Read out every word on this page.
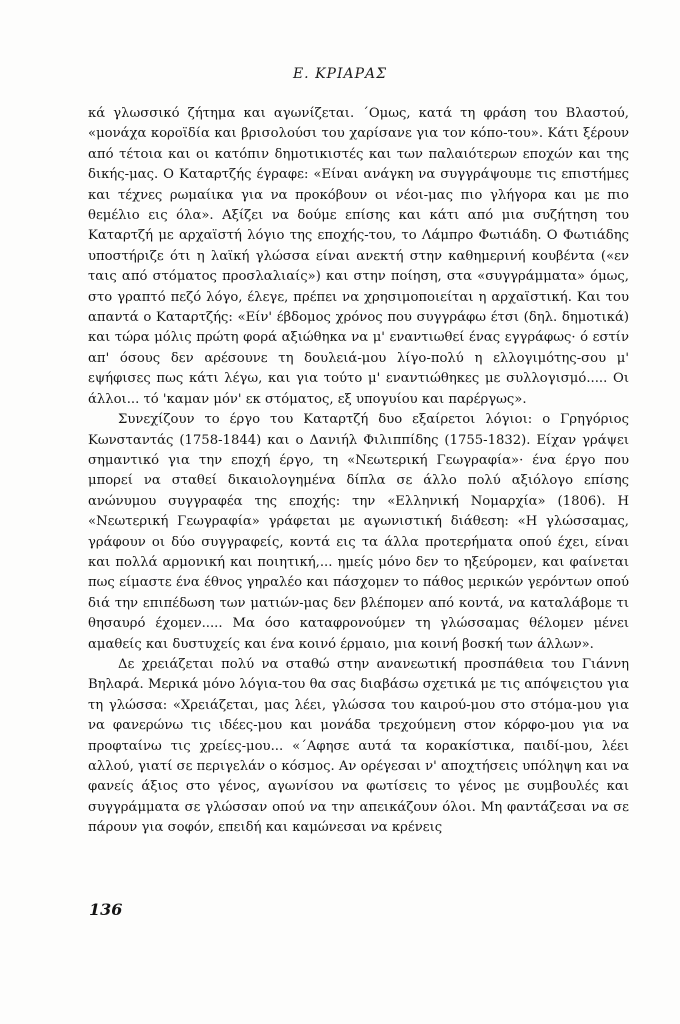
Ε. ΚΡΙΑΡΑΣ

κά γλωσσικό ζήτημα και αγωνίζεται. ΄Ομως, κατά τη φράση του Βλαστού, «μονάχα κοροϊδία και βρισολούσι του χαρίσανε για τον κόπο-του». Κάτι ξέρουν από τέτοια και οι κατόπιν δημοτικιστές και των παλαιότερων εποχών και της δικής-μας. Ο Καταρτζής έγραφε: «Είναι ανάγκη να συγγράψουμε τις επιστήμες και τέχνες ρωμαίικα για να προκόβουν οι νέοι-μας πιο γλήγορα και με πιο θεμέλιο εις όλα». Αξίζει να δούμε επίσης και κάτι από μια συζήτηση του Καταρτζή με αρχαϊστή λόγιο της εποχής-του, το Λάμπρο Φωτιάδη. Ο Φωτιάδης υποστήριζε ότι η λαϊκή γλώσσα είναι ανεκτή στην καθημερινή κουβέντα («εν ταις από στόματος προσλαλιαίς») και στην ποίηση, στα «συγγράμματα» όμως, στο γραπτό πεζό λόγο, έλεγε, πρέπει να χρησιμοποιείται η αρχαϊστική. Και του απαντά ο Καταρτζής: «Είν' έβδομος χρόνος που συγγράφω έτσι (δηλ. δημοτικά) και τώρα μόλις πρώτη φορά αξιώθηκα να μ' εναντιωθεί ένας εγγράφως· ό εστίν απ' όσους δεν αρέσουνε τη δουλειά-μου λίγο-πολύ η ελλογιμότης-σου μ' εψήφισες πως κάτι λέγω, και για τούτο μ' εναντιώθηκες με συλλογισμό..... Οι άλλοι... τό 'καμαν μόν' εκ στόματος, εξ υπογυίου και παρέργως».

Συνεχίζουν το έργο του Καταρτζή δυο εξαίρετοι λόγιοι: ο Γρηγόριος Κωνσταντάς (1758-1844) και ο Δανιήλ Φιλιππίδης (1755-1832). Είχαν γράψει σημαντικό για την εποχή έργο, τη «Νεωτερική Γεωγραφία»· ένα έργο που μπορεί να σταθεί δικαιολογημένα δίπλα σε άλλο πολύ αξιόλογο επίσης ανώνυμου συγγραφέα της εποχής: την «Ελληνική Νομαρχία» (1806). Η «Νεωτερική Γεωγραφία» γράφεται με αγωνιστική διάθεση: «Η γλώσσαμας, γράφουν οι δύο συγγραφείς, κοντά εις τα άλλα προτερήματα οπού έχει, είναι και πολλά αρμονική και ποιητική,... ημείς μόνο δεν το ηξεύρομεν, και φαίνεται πως είμαστε ένα έθνος γηραλέο και πάσχομεν το πάθος μερικών γερόντων οπού διά την επιπέδωση των ματιών-μας δεν βλέπομεν από κοντά, να καταλάβομε τι θησαυρό έχομεν..... Μα όσο καταφρονούμεν τη γλώσσαμας θέλομεν μένει αμαθείς και δυστυχείς και ένα κοινό έρμαιο, μια κοινή βοσκή των άλλων».

Δε χρειάζεται πολύ να σταθώ στην ανανεωτική προσπάθεια του Γιάννη Βηλαρά. Μερικά μόνο λόγια-του θα σας διαβάσω σχετικά με τις απόψειςτου για τη γλώσσα: «Χρειάζεται, μας λέει, γλώσσα του καιρού-μου στο στόμα-μου για να φανερώνω τις ιδέες-μου και μονάδα τρεχούμενη στον κόρφο-μου για να προφταίνω τις χρείες-μου... «΄Αφησε αυτά τα κορακίστικα, παιδί-μου, λέει αλλού, γιατί σε περιγελάν ο κόσμος. Αν ορέγεσαι ν' αποχτήσεις υπόληψη και να φανείς άξιος στο γένος, αγωνίσου να φωτίσεις το γένος με συμβουλές και συγγράμματα σε γλώσσαν οπού να την απεικάζουν όλοι. Μη φαντάζεσαι να σε πάρουν για σοφόν, επειδή και καμώνεσαι να κρένεις

136
